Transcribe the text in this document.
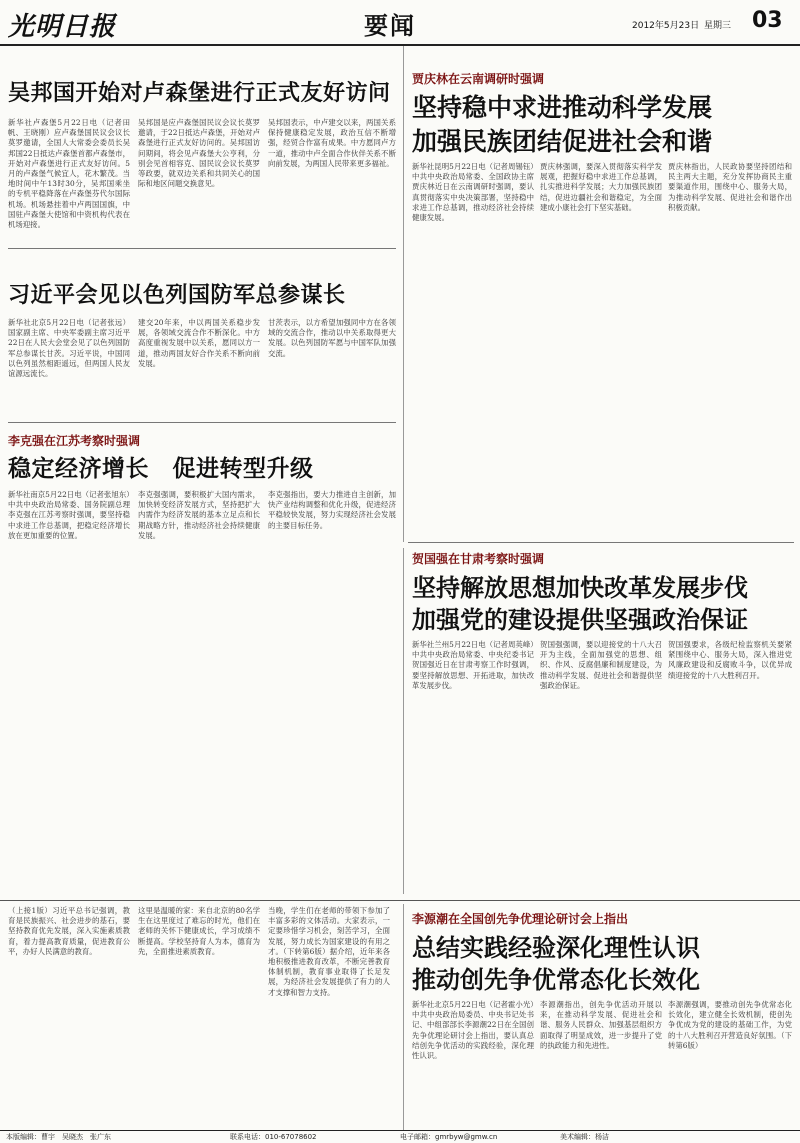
光明日报	要闻	2012年5月23日 星期三 03
吴邦国开始对卢森堡进行正式友好访问
新华社卢森堡5月22日电（记者田帆、王晓刚）应卢森堡国民议会议长莫罗邀请，全国人大常委会委员长吴邦国22日抵达卢森堡首都卢森堡市，开始对卢森堡进行正式友好访问。5月的卢森堡气候宜人，花木繁茂。当地时间中午13时30分，吴邦国乘坐的专机平稳降落在卢森堡芬代尔国际机场。机场悬挂着中卢两国国旗，中国驻卢森堡大使馆和中资机构代表在机场迎接。
吴邦国是应卢森堡国民议会议长莫罗邀请，于22日抵达卢森堡，开始对卢森堡进行正式友好访问的。吴邦国访问期间，将会见卢森堡大公亨利，分别会见首相容克、国民议会议长莫罗等政要，就双边关系和共同关心的国际和地区问题交换意见。
吴邦国表示，中卢建交以来，两国关系保持健康稳定发展，政治互信不断增强，经贸合作富有成果。中方愿同卢方一道，推动中卢全面合作伙伴关系不断向前发展，为两国人民带来更多福祉。
习近平会见以色列国防军总参谋长
新华社北京5月22日电（记者张远）国家副主席、中央军委副主席习近平22日在人民大会堂会见了以色列国防军总参谋长甘茨。习近平说，中国同以色列虽然相距遥远，但两国人民友谊源远流长。
建交20年来，中以两国关系稳步发展，各领域交流合作不断深化。中方高度重视发展中以关系，愿同以方一道，推动两国友好合作关系不断向前发展。
甘茨表示，以方希望加强同中方在各领域的交流合作，推动以中关系取得更大发展。以色列国防军愿与中国军队加强交流。
李克强在江苏考察时强调
稳定经济增长　促进转型升级
新华社南京5月22日电（记者张旭东）中共中央政治局常委、国务院副总理李克强在江苏考察时强调，要坚持稳中求进工作总基调，把稳定经济增长放在更加重要的位置。
李克强强调，要积极扩大国内需求，加快转变经济发展方式，坚持把扩大内需作为经济发展的基本立足点和长期战略方针，推动经济社会持续健康发展。
李克强指出，要大力推进自主创新，加快产业结构调整和优化升级，促进经济平稳较快发展，努力实现经济社会发展的主要目标任务。
贾庆林在云南调研时强调
坚持稳中求进推动科学发展
加强民族团结促进社会和谐
新华社昆明5月22日电（记者周锡钰）中共中央政治局常委、全国政协主席贾庆林近日在云南调研时强调，要认真贯彻落实中央决策部署，坚持稳中求进工作总基调，推动经济社会持续健康发展。
贾庆林强调，要深入贯彻落实科学发展观，把握好稳中求进工作总基调，扎实推进科学发展；大力加强民族团结，促进边疆社会和谐稳定，为全面建成小康社会打下坚实基础。
贾庆林指出，人民政协要坚持团结和民主两大主题，充分发挥协商民主重要渠道作用，围绕中心、服务大局，为推动科学发展、促进社会和谐作出积极贡献。
贺国强在甘肃考察时强调
坚持解放思想加快改革发展步伐
加强党的建设提供坚强政治保证
新华社兰州5月22日电（记者周英峰）中共中央政治局常委、中央纪委书记贺国强近日在甘肃考察工作时强调，要坚持解放思想、开拓进取，加快改革发展步伐。
贺国强强调，要以迎接党的十八大召开为主线，全面加强党的思想、组织、作风、反腐倡廉和制度建设，为推动科学发展、促进社会和谐提供坚强政治保证。
贺国强要求，各级纪检监察机关要紧紧围绕中心、服务大局，深入推进党风廉政建设和反腐败斗争，以优异成绩迎接党的十八大胜利召开。
（上接1版）习近平总书记强调，教育是民族振兴、社会进步的基石，要坚持教育优先发展，深入实施素质教育，着力提高教育质量，促进教育公平，办好人民满意的教育。
这里是温暖的家：来自北京的80名学生在这里度过了难忘的时光，他们在老师的关怀下健康成长，学习成绩不断提高。学校坚持育人为本，德育为先，全面推进素质教育。
当晚，学生们在老师的带领下参加了丰富多彩的文体活动。大家表示，一定要珍惜学习机会，刻苦学习，全面发展，努力成长为国家建设的有用之才。（下转第6版）据介绍，近年来各地积极推进教育改革，不断完善教育体制机制，教育事业取得了长足发展，为经济社会发展提供了有力的人才支撑和智力支持。
李源潮在全国创先争优理论研讨会上指出
总结实践经验深化理性认识
推动创先争优常态化长效化
新华社北京5月22日电（记者霍小光）中共中央政治局委员、中央书记处书记、中组部部长李源潮22日在全国创先争优理论研讨会上指出，要认真总结创先争优活动的实践经验，深化理性认识。
李源潮指出，创先争优活动开展以来，在推动科学发展、促进社会和谐、服务人民群众、加强基层组织方面取得了明显成效，进一步提升了党的执政能力和先进性。
李源潮强调，要推动创先争优常态化长效化，建立健全长效机制，使创先争优成为党的建设的基础工作，为党的十八大胜利召开营造良好氛围。（下转第6版）
本版编辑：曹宇　吴晓杰　张广东	联系电话：010-67078602	电子邮箱：gmrbyw@gmw.cn	美术编辑：杨洁
